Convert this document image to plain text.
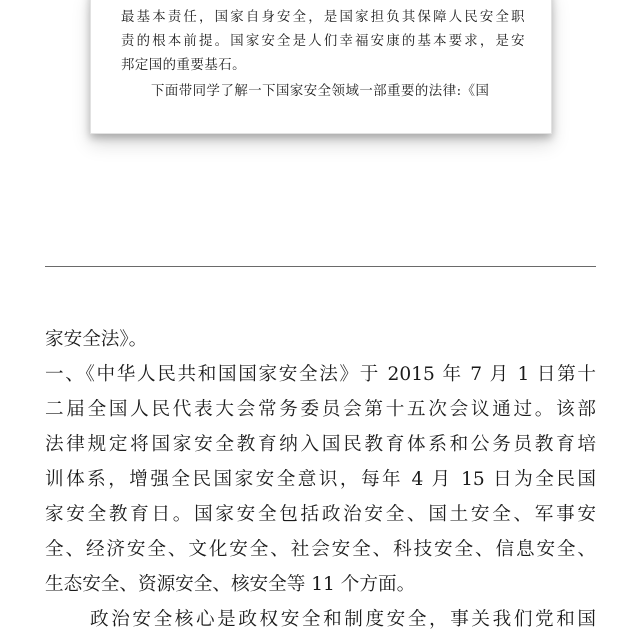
最基本责任，国家自身安全，是国家担负其保障人民安全职
责的根本前提。国家安全是人们幸福安康的基本要求，是安
邦定国的重要基石。
下面带同学了解一下国家安全领域一部重要的法律:《国
家安全法》。
一、《中华人民共和国国家安全法》于 2015 年 7 月 1 日第十
二届全国人民代表大会常务委员会第十五次会议通过。该部
法律规定将国家安全教育纳入国民教育体系和公务员教育培
训体系，增强全民国家安全意识，每年 4 月 15 日为全民国
家安全教育日。国家安全包括政治安全、国土安全、军事安
全、经济安全、文化安全、社会安全、科技安全、信息安全、
生态安全、资源安全、核安全等 11 个方面。
政治安全核心是政权安全和制度安全，事关我们党和国
